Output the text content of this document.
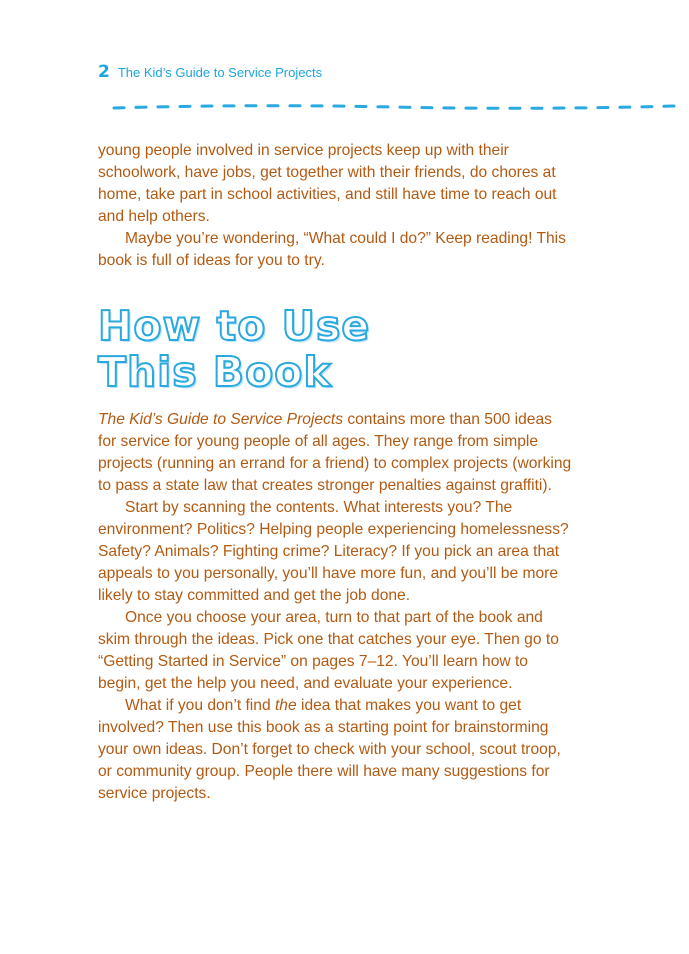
2 The Kid’s Guide to Service Projects

young people involved in service projects keep up with their schoolwork, have jobs, get together with their friends, do chores at home, take part in school activities, and still have time to reach out and help others.

Maybe you’re wondering, “What could I do?” Keep reading! This book is full of ideas for you to try.

How to Use
This Book

The Kid’s Guide to Service Projects contains more than 500 ideas for service for young people of all ages. They range from simple projects (running an errand for a friend) to complex projects (working to pass a state law that creates stronger penalties against graffiti).

Start by scanning the contents. What interests you? The environment? Politics? Helping people experiencing homelessness? Safety? Animals? Fighting crime? Literacy? If you pick an area that appeals to you personally, you’ll have more fun, and you’ll be more likely to stay committed and get the job done.

Once you choose your area, turn to that part of the book and skim through the ideas. Pick one that catches your eye. Then go to “Getting Started in Service” on pages 7–12. You’ll learn how to begin, get the help you need, and evaluate your experience.

What if you don’t find the idea that makes you want to get involved? Then use this book as a starting point for brainstorming your own ideas. Don’t forget to check with your school, scout troop, or community group. People there will have many suggestions for service projects.
